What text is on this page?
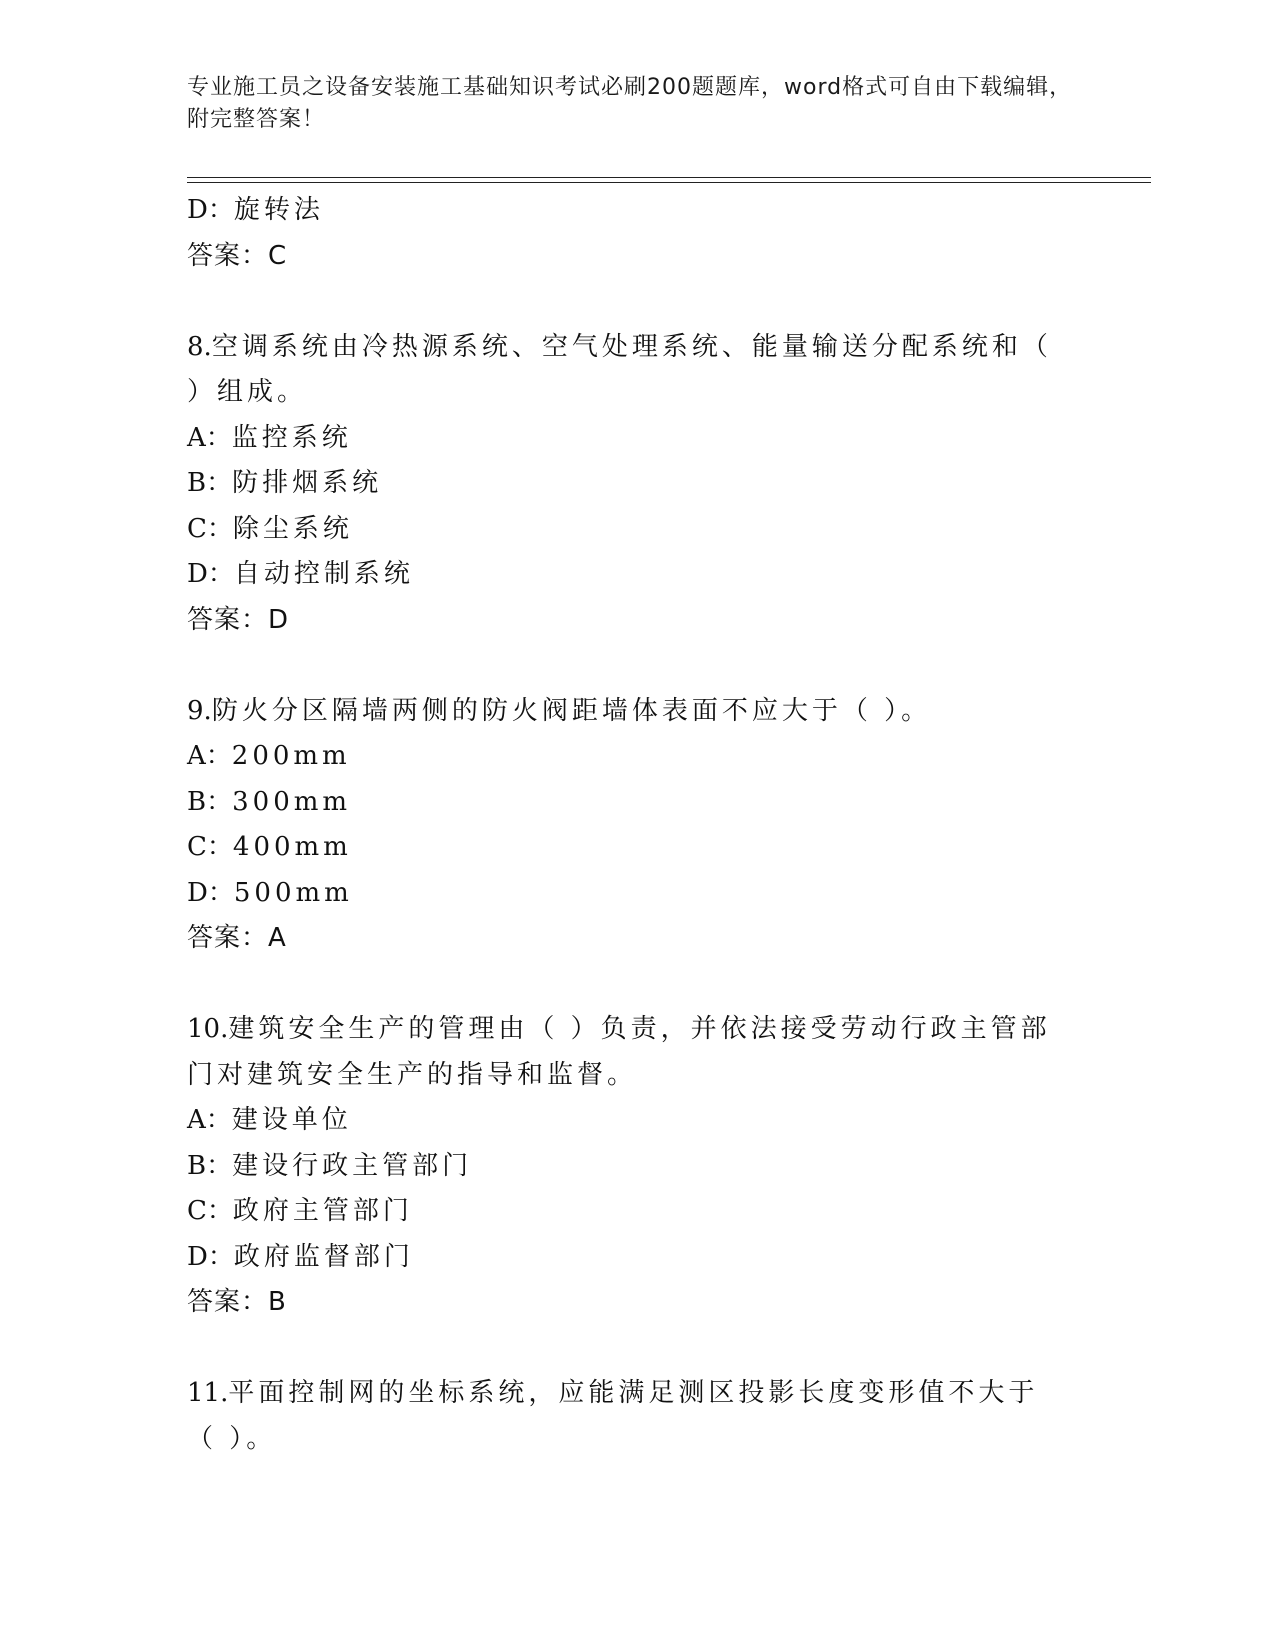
专业施工员之设备安装施工基础知识考试必刷200题题库，word格式可自由下载编辑，附完整答案！
D：旋转法
答案：C
8.空调系统由冷热源系统、空气处理系统、能量输送分配系统和（ ）组成。
A：监控系统
B：防排烟系统
C：除尘系统
D：自动控制系统
答案：D
9.防火分区隔墙两侧的防火阀距墙体表面不应大于（ ）。
A：200mm
B：300mm
C：400mm
D：500mm
答案：A
10.建筑安全生产的管理由（ ）负责，并依法接受劳动行政主管部门对建筑安全生产的指导和监督。
A：建设单位
B：建设行政主管部门
C：政府主管部门
D：政府监督部门
答案：B
11.平面控制网的坐标系统，应能满足测区投影长度变形值不大于（ ）。
